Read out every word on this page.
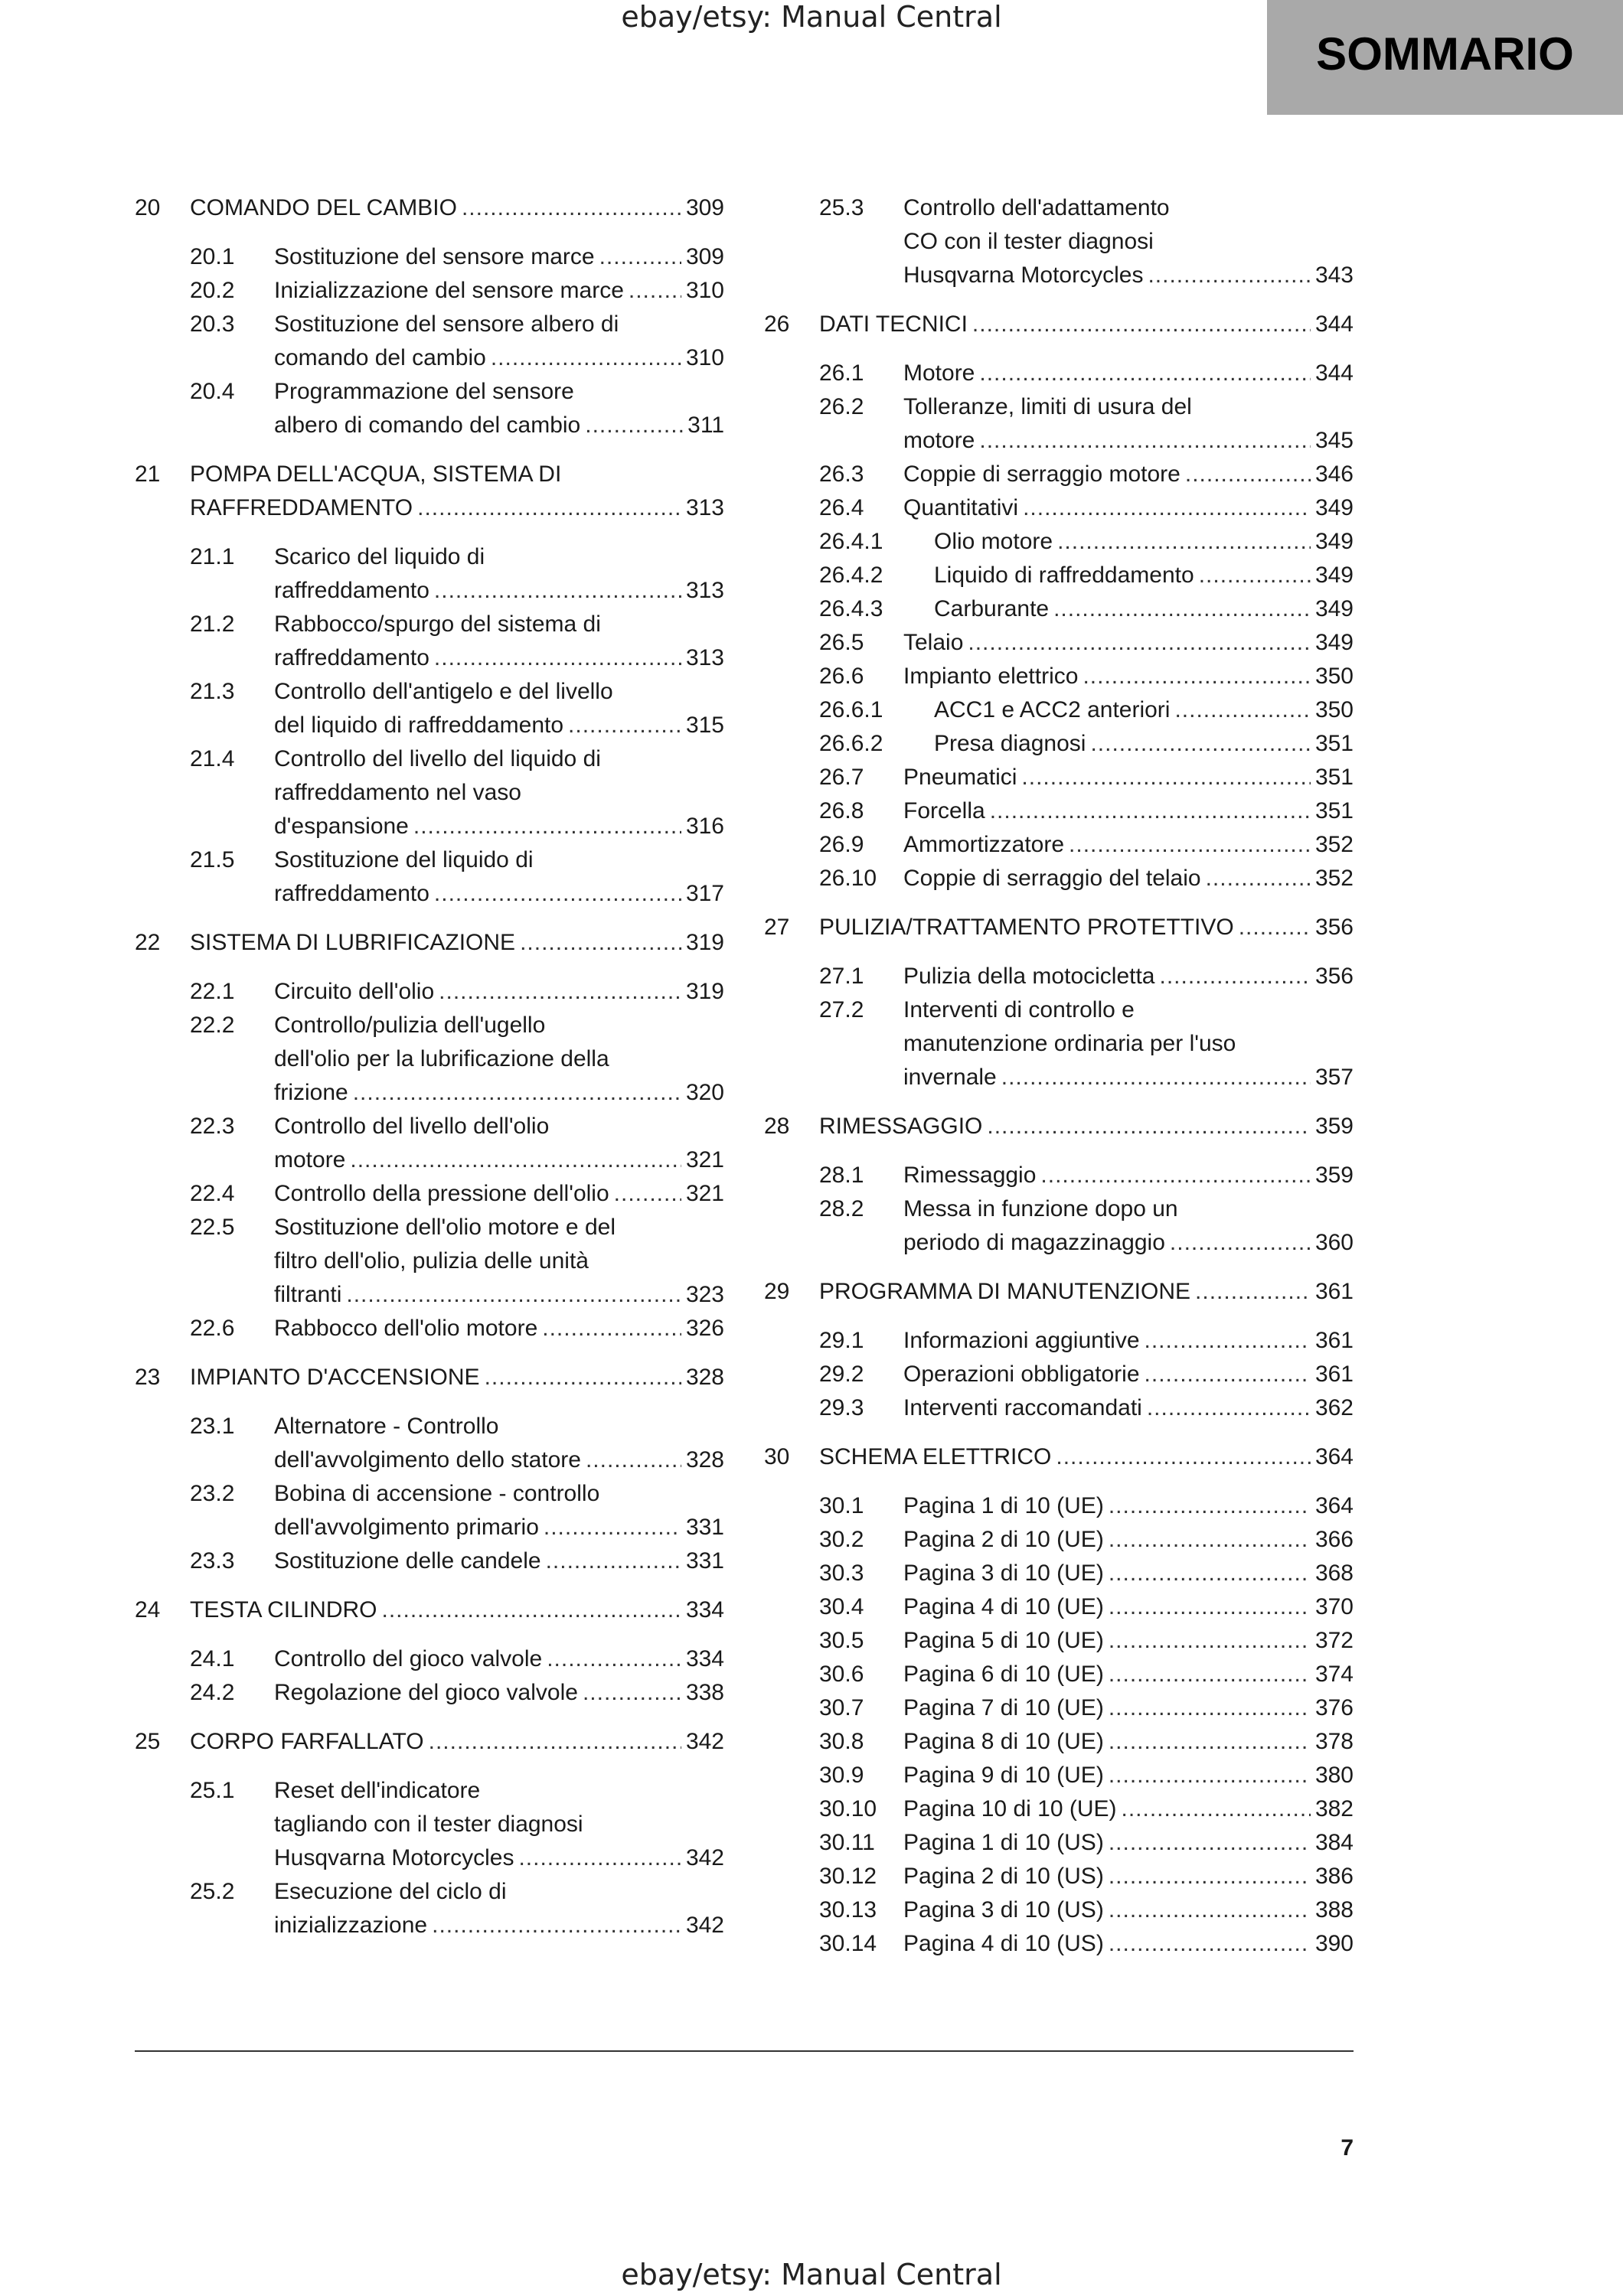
ebay/etsy: Manual Central
SOMMARIO
20 COMANDO DEL CAMBIO .....	309
20.1 Sostituzione del sensore marce .....	309
20.2 Inizializzazione del sensore marce .....	310
20.3 Sostituzione del sensore albero di
comando del cambio .....	310
20.4 Programmazione del sensore
albero di comando del cambio .....	311
21 POMPA DELL'ACQUA, SISTEMA DI
RAFFREDDAMENTO .....	313
21.1 Scarico del liquido di
raffreddamento .....	313
21.2 Rabbocco/spurgo del sistema di
raffreddamento .....	313
21.3 Controllo dell'antigelo e del livello
del liquido di raffreddamento .....	315
21.4 Controllo del livello del liquido di
raffreddamento nel vaso
d'espansione .....	316
21.5 Sostituzione del liquido di
raffreddamento .....	317
22 SISTEMA DI LUBRIFICAZIONE .....	319
22.1 Circuito dell'olio .....	319
22.2 Controllo/pulizia dell'ugello
dell'olio per la lubrificazione della
frizione .....	320
22.3 Controllo del livello dell'olio
motore .....	321
22.4 Controllo della pressione dell'olio .....	321
22.5 Sostituzione dell'olio motore e del
filtro dell'olio, pulizia delle unità
filtranti .....	323
22.6 Rabbocco dell'olio motore .....	326
23 IMPIANTO D'ACCENSIONE .....	328
23.1 Alternatore - Controllo
dell'avvolgimento dello statore .....	328
23.2 Bobina di accensione - controllo
dell'avvolgimento primario .....	331
23.3 Sostituzione delle candele .....	331
24 TESTA CILINDRO .....	334
24.1 Controllo del gioco valvole .....	334
24.2 Regolazione del gioco valvole .....	338
25 CORPO FARFALLATO .....	342
25.1 Reset dell'indicatore
tagliando con il tester diagnosi
Husqvarna Motorcycles .....	342
25.2 Esecuzione del ciclo di
inizializzazione .....	342
25.3 Controllo dell'adattamento
CO con il tester diagnosi
Husqvarna Motorcycles .....	343
26 DATI TECNICI .....	344
26.1 Motore .....	344
26.2 Tolleranze, limiti di usura del
motore .....	345
26.3 Coppie di serraggio motore .....	346
26.4 Quantitativi .....	349
26.4.1 Olio motore .....	349
26.4.2 Liquido di raffreddamento .....	349
26.4.3 Carburante .....	349
26.5 Telaio .....	349
26.6 Impianto elettrico .....	350
26.6.1 ACC1 e ACC2 anteriori .....	350
26.6.2 Presa diagnosi .....	351
26.7 Pneumatici .....	351
26.8 Forcella .....	351
26.9 Ammortizzatore .....	352
26.10 Coppie di serraggio del telaio .....	352
27 PULIZIA/TRATTAMENTO PROTETTIVO .....	356
27.1 Pulizia della motocicletta .....	356
27.2 Interventi di controllo e
manutenzione ordinaria per l'uso
invernale .....	357
28 RIMESSAGGIO .....	359
28.1 Rimessaggio .....	359
28.2 Messa in funzione dopo un
periodo di magazzinaggio .....	360
29 PROGRAMMA DI MANUTENZIONE .....	361
29.1 Informazioni aggiuntive .....	361
29.2 Operazioni obbligatorie .....	361
29.3 Interventi raccomandati .....	362
30 SCHEMA ELETTRICO .....	364
30.1 Pagina 1 di 10 (UE) .....	364
30.2 Pagina 2 di 10 (UE) .....	366
30.3 Pagina 3 di 10 (UE) .....	368
30.4 Pagina 4 di 10 (UE) .....	370
30.5 Pagina 5 di 10 (UE) .....	372
30.6 Pagina 6 di 10 (UE) .....	374
30.7 Pagina 7 di 10 (UE) .....	376
30.8 Pagina 8 di 10 (UE) .....	378
30.9 Pagina 9 di 10 (UE) .....	380
30.10 Pagina 10 di 10 (UE) .....	382
30.11 Pagina 1 di 10 (US) .....	384
30.12 Pagina 2 di 10 (US) .....	386
30.13 Pagina 3 di 10 (US) .....	388
30.14 Pagina 4 di 10 (US) .....	390
7
ebay/etsy: Manual Central
